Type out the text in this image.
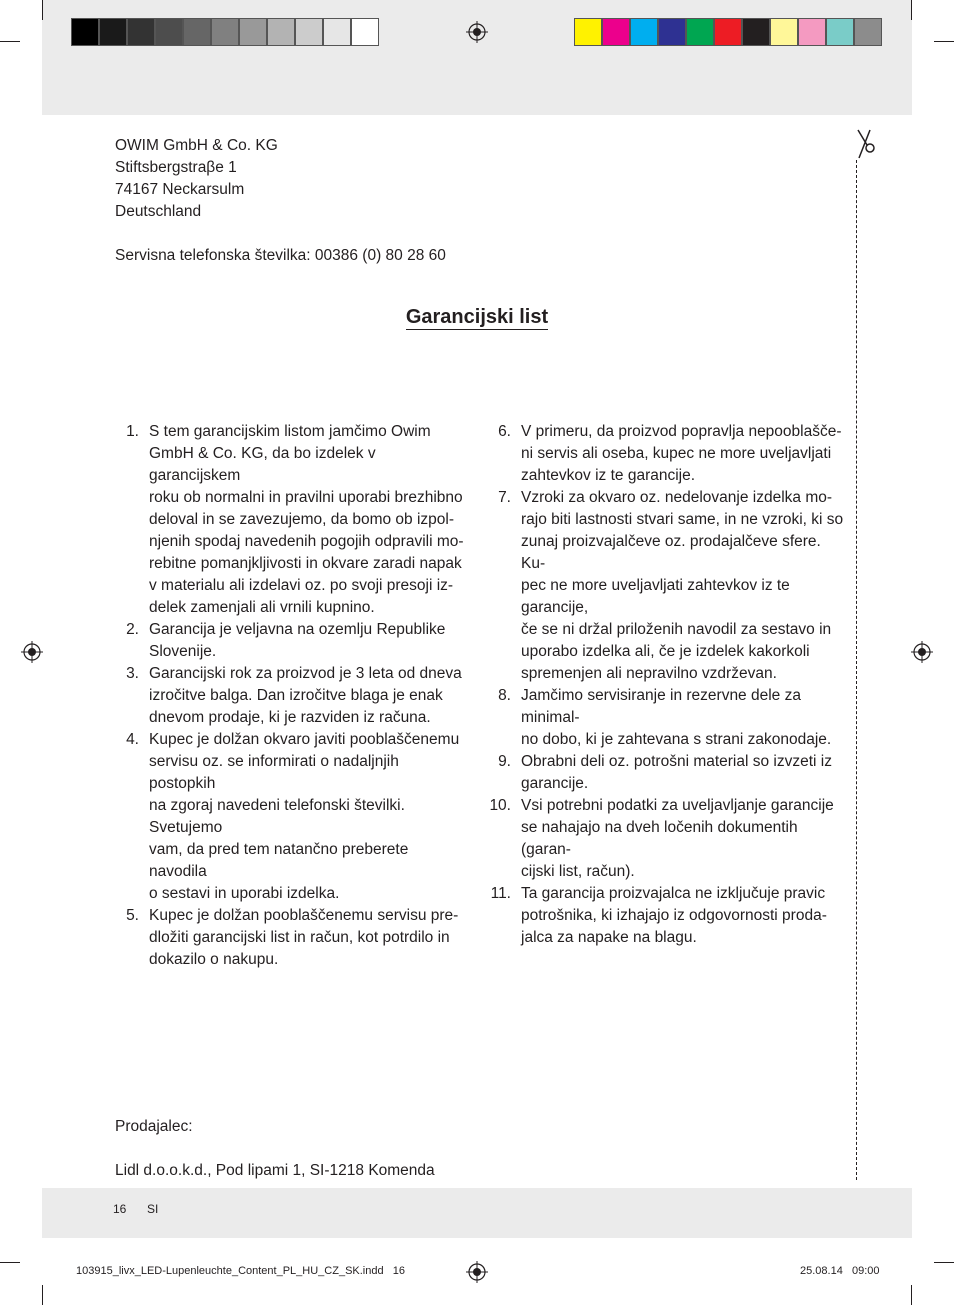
OWIM GmbH & Co. KG
Stiftsbergstraβe 1
74167 Neckarsulm
Deutschland
Servisna telefonska številka: 00386 (0) 80 28 60
Garancijski list
1. S tem garancijskim listom jamčimo Owim
GmbH & Co. KG, da bo izdelek v garancijskem
roku ob normalni in pravilni uporabi brezhibno
deloval in se zavezujemo, da bomo ob izpol-
njenih spodaj navedenih pogojih odpravili mo-
rebitne pomanjkljivosti in okvare zaradi napak
v materialu ali izdelavi oz. po svoji presoji iz-
delek zamenjali ali vrnili kupnino.
2. Garancija je veljavna na ozemlju Republike
Slovenije.
3. Garancijski rok za proizvod je 3 leta od dneva
izročitve balga. Dan izročitve blaga je enak
dnevom prodaje, ki je razviden iz računa.
4. Kupec je dolžan okvaro javiti pooblaščenemu
servisu oz. se informirati o nadaljnjih postopkih
na zgoraj navedeni telefonski številki. Svetujemo
vam, da pred tem natančno preberete navodila
o sestavi in uporabi izdelka.
5. Kupec je dolžan pooblaščenemu servisu pre-
dložiti garancijski list in račun, kot potrdilo in
dokazilo o nakupu.
6. V primeru, da proizvod popravlja nepooblašče-
ni servis ali oseba, kupec ne more uveljavljati
zahtevkov iz te garancije.
7. Vzroki za okvaro oz. nedelovanje izdelka mo-
rajo biti lastnosti stvari same, in ne vzroki, ki so
zunaj proizvajalčeve oz. prodajalčeve sfere. Ku-
pec ne more uveljavljati zahtevkov iz te garancije,
če se ni držal priloženih navodil za sestavo in
uporabo izdelka ali, če je izdelek kakorkoli
spremenjen ali nepravilno vzdrževan.
8. Jamčimo servisiranje in rezervne dele za minimal-
no dobo, ki je zahtevana s strani zakonodaje.
9. Obrabni deli oz. potrošni material so izvzeti iz
garancije.
10. Vsi potrebni podatki za uveljavljanje garancije
se nahajajo na dveh ločenih dokumentih (garan-
cijski list, račun).
11. Ta garancija proizvajalca ne izključuje pravic
potrošnika, ki izhajajo iz odgovornosti proda-
jalca za napake na blagu.
Prodajalec:
Lidl d.o.o.k.d., Pod lipami 1, SI-1218 Komenda
16 SI
103915_livx_LED-Lupenleuchte_Content_PL_HU_CZ_SK.indd   16	25.08.14   09:00
